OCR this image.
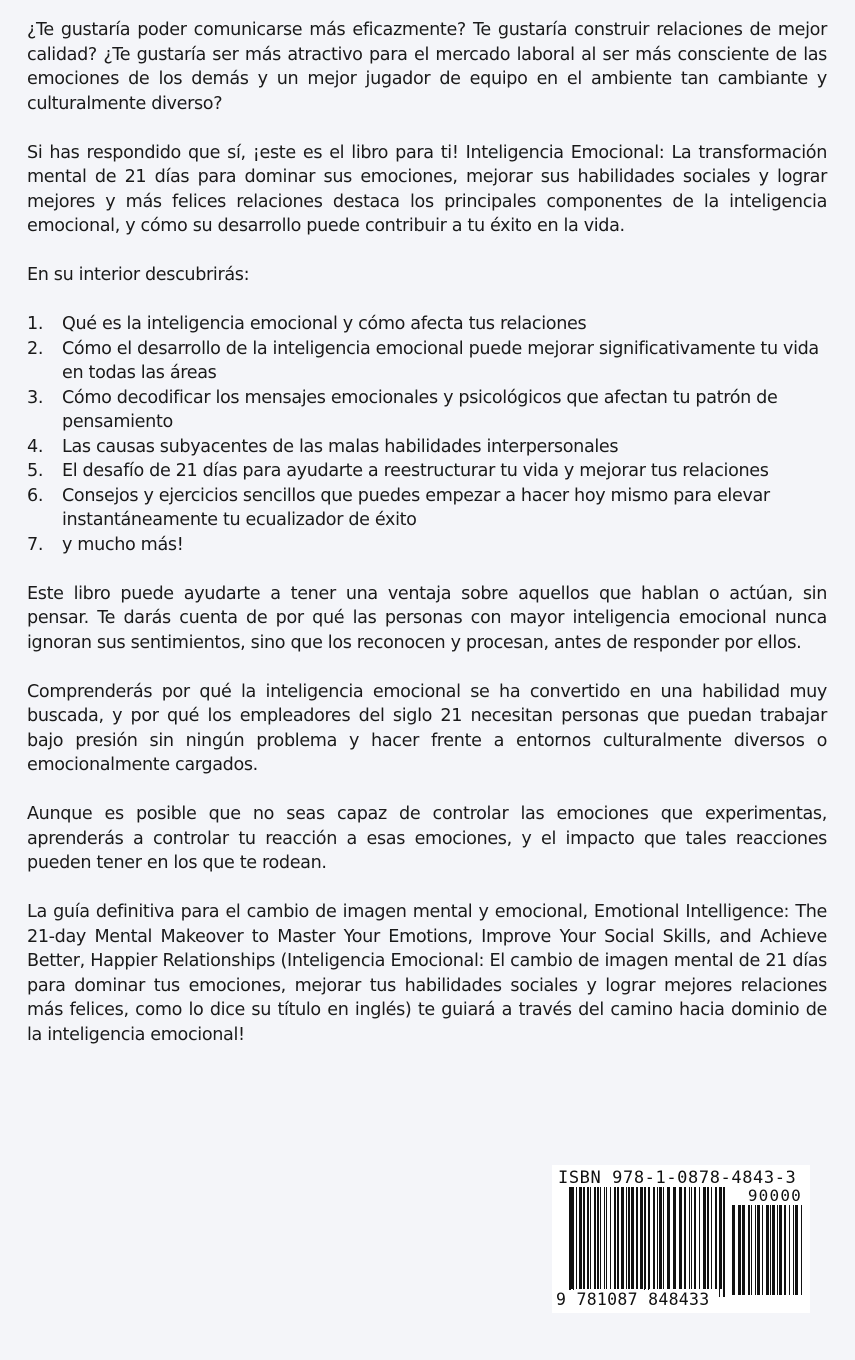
¿Te gustaría poder comunicarse más eficazmente? Te gustaría construir relaciones de mejor calidad? ¿Te gustaría ser más atractivo para el mercado laboral al ser más consciente de las emociones de los demás y un mejor jugador de equipo en el ambiente tan cambiante y culturalmente diverso?

Si has respondido que sí, ¡este es el libro para ti! Inteligencia Emocional: La transformación mental de 21 días para dominar sus emociones, mejorar sus habilidades sociales y lograr mejores y más felices relaciones destaca los principales componentes de la inteligencia emocional, y cómo su desarrollo puede contribuir a tu éxito en la vida.

En su interior descubrirás:

1. Qué es la inteligencia emocional y cómo afecta tus relaciones
2. Cómo el desarrollo de la inteligencia emocional puede mejorar significativamente tu vida en todas las áreas
3. Cómo decodificar los mensajes emocionales y psicológicos que afectan tu patrón de pensamiento
4. Las causas subyacentes de las malas habilidades interpersonales
5. El desafío de 21 días para ayudarte a reestructurar tu vida y mejorar tus relaciones
6. Consejos y ejercicios sencillos que puedes empezar a hacer hoy mismo para elevar instantáneamente tu ecualizador de éxito
7. y mucho más!

Este libro puede ayudarte a tener una ventaja sobre aquellos que hablan o actúan, sin pensar. Te darás cuenta de por qué las personas con mayor inteligencia emocional nunca ignoran sus sentimientos, sino que los reconocen y procesan, antes de responder por ellos.

Comprenderás por qué la inteligencia emocional se ha convertido en una habilidad muy buscada, y por qué los empleadores del siglo 21 necesitan personas que puedan trabajar bajo presión sin ningún problema y hacer frente a entornos culturalmente diversos o emocionalmente cargados.

Aunque es posible que no seas capaz de controlar las emociones que experimentas, aprenderás a controlar tu reacción a esas emociones, y el impacto que tales reacciones pueden tener en los que te rodean.

La guía definitiva para el cambio de imagen mental y emocional, Emotional Intelligence: The 21-day Mental Makeover to Master Your Emotions, Improve Your Social Skills, and Achieve Better, Happier Relationships (Inteligencia Emocional: El cambio de imagen mental de 21 días para dominar tus emociones, mejorar tus habilidades sociales y lograr mejores relaciones más felices, como lo dice su título en inglés) te guiará a través del camino hacia dominio de la inteligencia emocional!

ISBN 978-1-0878-4843-3
90000
9 781087 848433
